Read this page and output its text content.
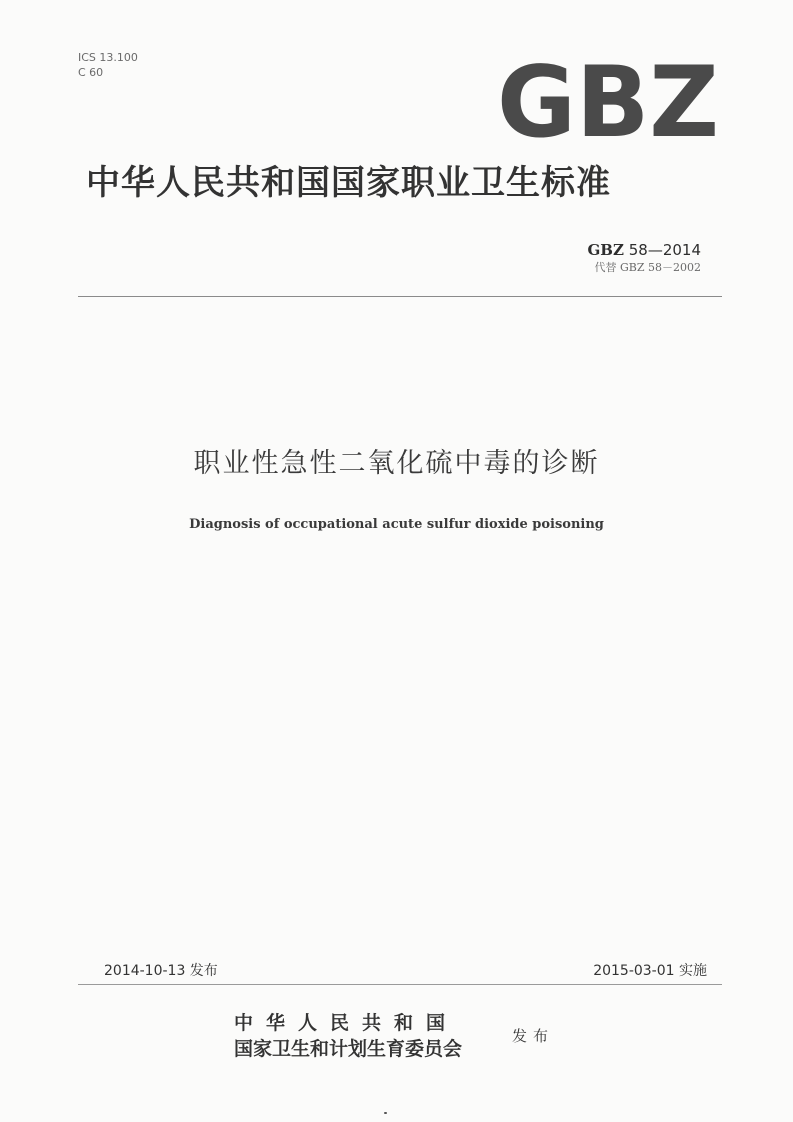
ICS 13.100
C 60	GBZ
中华人民共和国国家职业卫生标准
GBZ 58—2014
代替 GBZ 58－2002
职业性急性二氧化硫中毒的诊断
Diagnosis of occupational acute sulfur dioxide poisoning
2014-10-13 发布	2015-03-01 实施
中华人民共和国
国家卫生和计划生育委员会
发布
